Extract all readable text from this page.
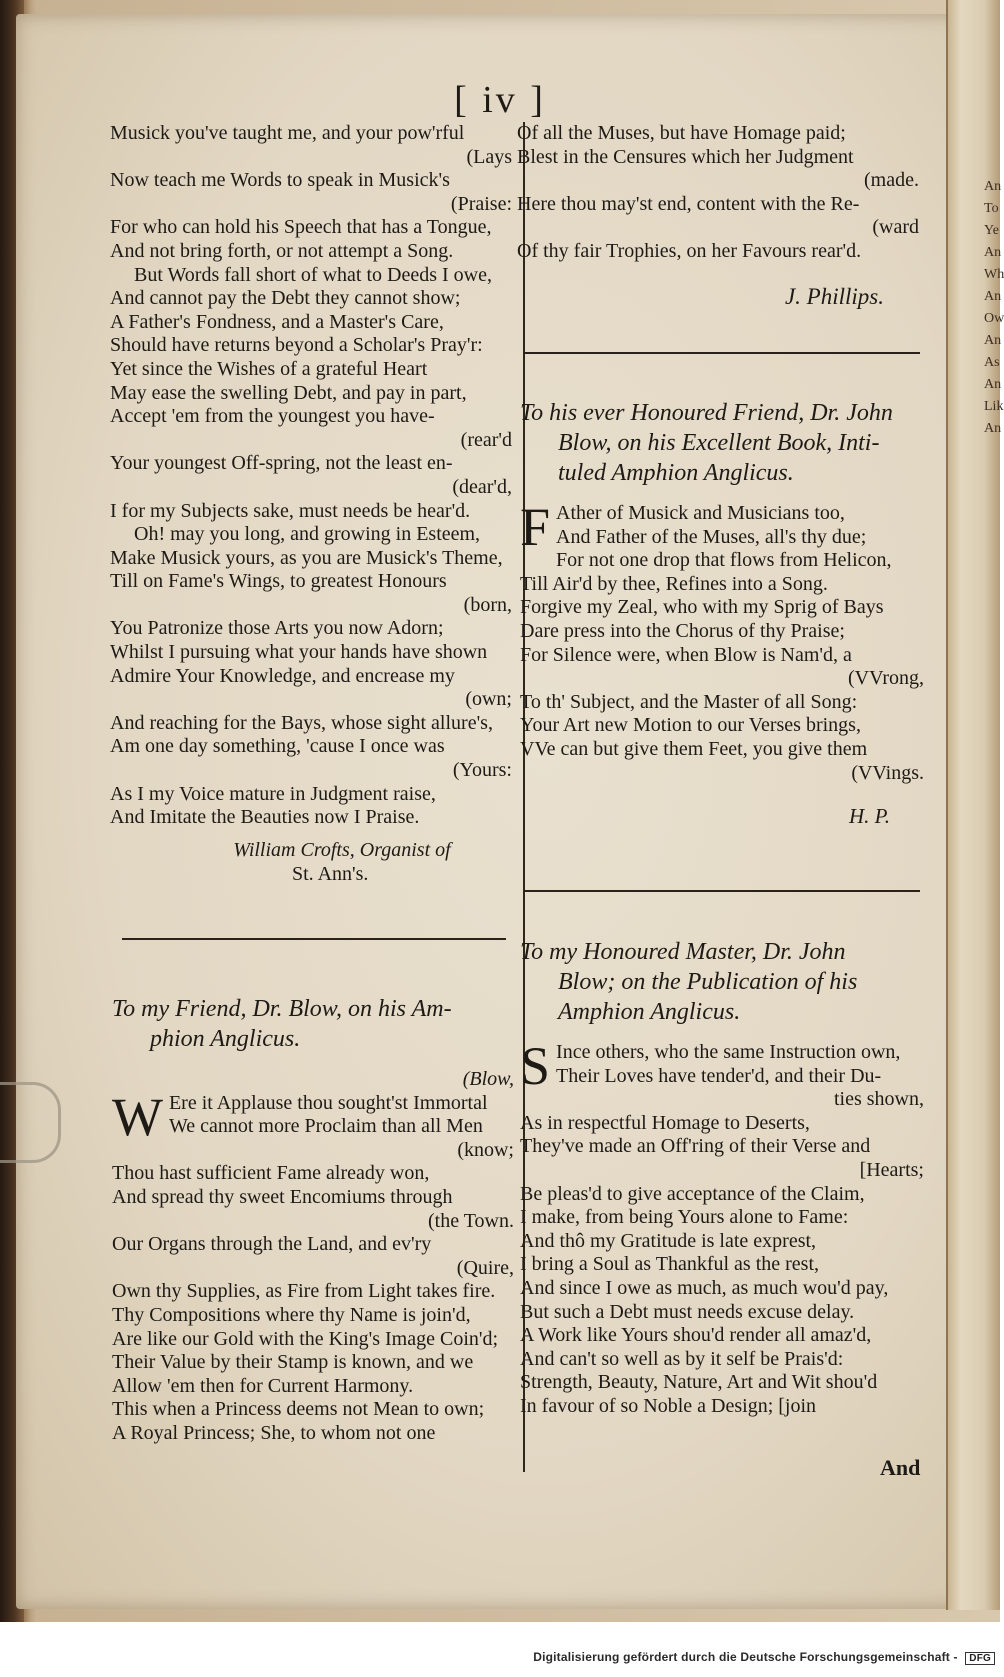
[ iv ]
Musick you've taught me, and your pow'rful
(Lays
Now teach me Words to speak in Musick's
(Praise:
For who can hold his Speech that has a Tongue,
And not bring forth, or not attempt a Song.
But Words fall short of what to Deeds I owe,
And cannot pay the Debt they cannot show;
A Father's Fondness, and a Master's Care,
Should have returns beyond a Scholar's Pray'r:
Yet since the Wishes of a grateful Heart
May ease the swelling Debt, and pay in part,
Accept 'em from the youngest you have-
(rear'd
Your youngest Off-spring, not the least en-
(dear'd,
I for my Subjects sake, must needs be hear'd.
Oh! may you long, and growing in Esteem,
Make Musick yours, as you are Musick's Theme,
Till on Fame's Wings, to greatest Honours
(born,
You Patronize those Arts you now Adorn;
Whilst I pursuing what your hands have shown
Admire Your Knowledge, and encrease my
(own;
And reaching for the Bays, whose sight allure's,
Am one day something, 'cause I once was
(Yours:
As I my Voice mature in Judgment raise,
And Imitate the Beauties now I Praise.
William Crofts, Organist of
St. Ann's.
To my Friend, Dr. Blow, on his Am-
phion Anglicus.
(Blow,
W Ere it Applause thou sought'st Immortal
We cannot more Proclaim than all Men
(know;
Thou hast sufficient Fame already won,
And spread thy sweet Encomiums through
(the Town.
Our Organs through the Land, and ev'ry
(Quire,
Own thy Supplies, as Fire from Light takes fire.
Thy Compositions where thy Name is join'd,
Are like our Gold with the King's Image Coin'd;
Their Value by their Stamp is known, and we
Allow 'em then for Current Harmony.
This when a Princess deems not Mean to own;
A Royal Princess; She, to whom not one
Of all the Muses, but have Homage paid;
Blest in the Censures which her Judgment
(made.
Here thou may'st end, content with the Re-
(ward
Of thy fair Trophies, on her Favours rear'd.
J. Phillips.
To his ever Honoured Friend, Dr. John
Blow, on his Excellent Book, Inti-
tuled Amphion Anglicus.
F Ather of Musick and Musicians too,
And Father of the Muses, all's thy due;
For not one drop that flows from Helicon,
Till Air'd by thee, Refines into a Song.
Forgive my Zeal, who with my Sprig of Bays
Dare press into the Chorus of thy Praise;
For Silence were, when Blow is Nam'd, a
(VVrong,
To th' Subject, and the Master of all Song:
Your Art new Motion to our Verses brings,
VVe can but give them Feet, you give them
(VVings.
H. P.
To my Honoured Master, Dr. John
Blow; on the Publication of his
Amphion Anglicus.
S Ince others, who the same Instruction own,
Their Loves have tender'd, and their Du-
ties shown,
As in respectful Homage to Deserts,
They've made an Off'ring of their Verse and
[Hearts;
Be pleas'd to give acceptance of the Claim,
I make, from being Yours alone to Fame:
And thô my Gratitude is late exprest,
I bring a Soul as Thankful as the rest,
And since I owe as much, as much wou'd pay,
But such a Debt must needs excuse delay.
A Work like Yours shou'd render all amaz'd,
And can't so well as by it self be Prais'd:
Strength, Beauty, Nature, Art and Wit shou'd
In favour of so Noble a Design; [join
And
An
To
Ye
An
Wh
An
Ow
An
As
An
Lik
An
Digitalisierung gefördert durch die Deutsche Forschungsgemeinschaft - DFG
